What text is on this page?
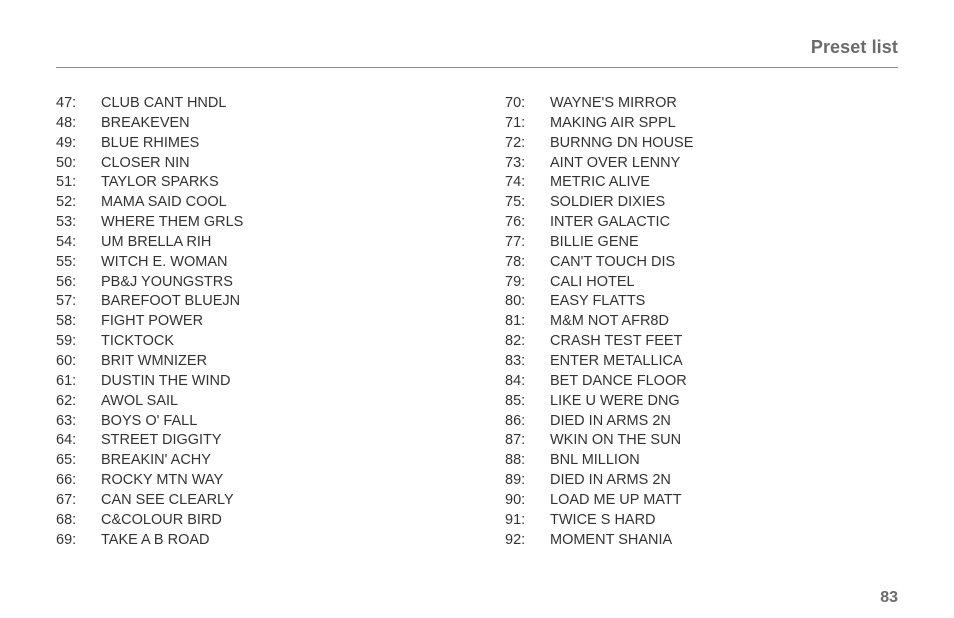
Preset list
47: CLUB CANT HNDL
48: BREAKEVEN
49: BLUE RHIMES
50: CLOSER NIN
51: TAYLOR SPARKS
52: MAMA SAID COOL
53: WHERE THEM GRLS
54: UM BRELLA RIH
55: WITCH E. WOMAN
56: PB&J YOUNGSTRS
57: BAREFOOT BLUEJN
58: FIGHT POWER
59: TICKTOCK
60: BRIT WMNIZER
61: DUSTIN THE WIND
62: AWOL SAIL
63: BOYS O' FALL
64: STREET DIGGITY
65: BREAKIN' ACHY
66: ROCKY MTN WAY
67: CAN SEE CLEARLY
68: C&COLOUR BIRD
69: TAKE A B ROAD
70: WAYNE'S MIRROR
71: MAKING AIR SPPL
72: BURNNG DN HOUSE
73: AINT OVER LENNY
74: METRIC ALIVE
75: SOLDIER DIXIES
76: INTER GALACTIC
77: BILLIE GENE
78: CAN'T TOUCH DIS
79: CALI HOTEL
80: EASY FLATTS
81: M&M NOT AFR8D
82: CRASH TEST FEET
83: ENTER METALLICA
84: BET DANCE FLOOR
85: LIKE U WERE DNG
86: DIED IN ARMS 2N
87: WKIN ON THE SUN
88: BNL MILLION
89: DIED IN ARMS 2N
90: LOAD ME UP MATT
91: TWICE S HARD
92: MOMENT SHANIA
83
